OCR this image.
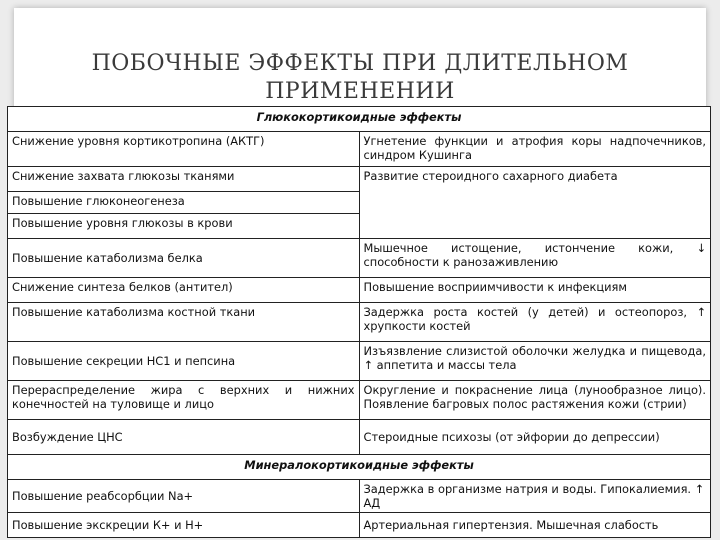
ПОБОЧНЫЕ ЭФФЕКТЫ ПРИ ДЛИТЕЛЬНОМ
ПРИМЕНЕНИИ
Глюкокортикоидные эффекты	
Снижение уровня кортикотропина (АКТГ)	Угнетение функции и атрофия коры надпочечников, синдром Кушинга
Снижение захвата глюкозы тканями	Развитие стероидного сахарного диабета
Повышение глюконеогенеза	
Повышение уровня глюкозы в крови	
Повышение катаболизма белка	Мышечное истощение, истончение кожи, ↓ способности к ранозаживлению
Снижение синтеза белков (антител)	Повышение восприимчивости к инфекциям
Повышение катаболизма костной ткани	Задержка роста костей (у детей) и остеопороз, ↑ хрупкости костей
Повышение секреции НС1 и пепсина	Изъязвление слизистой оболочки желудка и пищевода, ↑ аппетита и массы тела
Перераспределение жира с верхних и нижних конечностей на туловище и лицо	Округление и покраснение лица (лунообразное лицо). Появление багровых полос растяжения кожи (стрии)
Возбуждение ЦНС	Стероидные психозы (от эйфории до депрессии)
Минералокортикоидные эффекты	
Повышение реабсорбции Na+	Задержка в организме натрия и воды. Гипокалиемия. ↑ АД
Повышение экскреции К+ и Н+	Артериальная гипертензия. Мышечная слабость
